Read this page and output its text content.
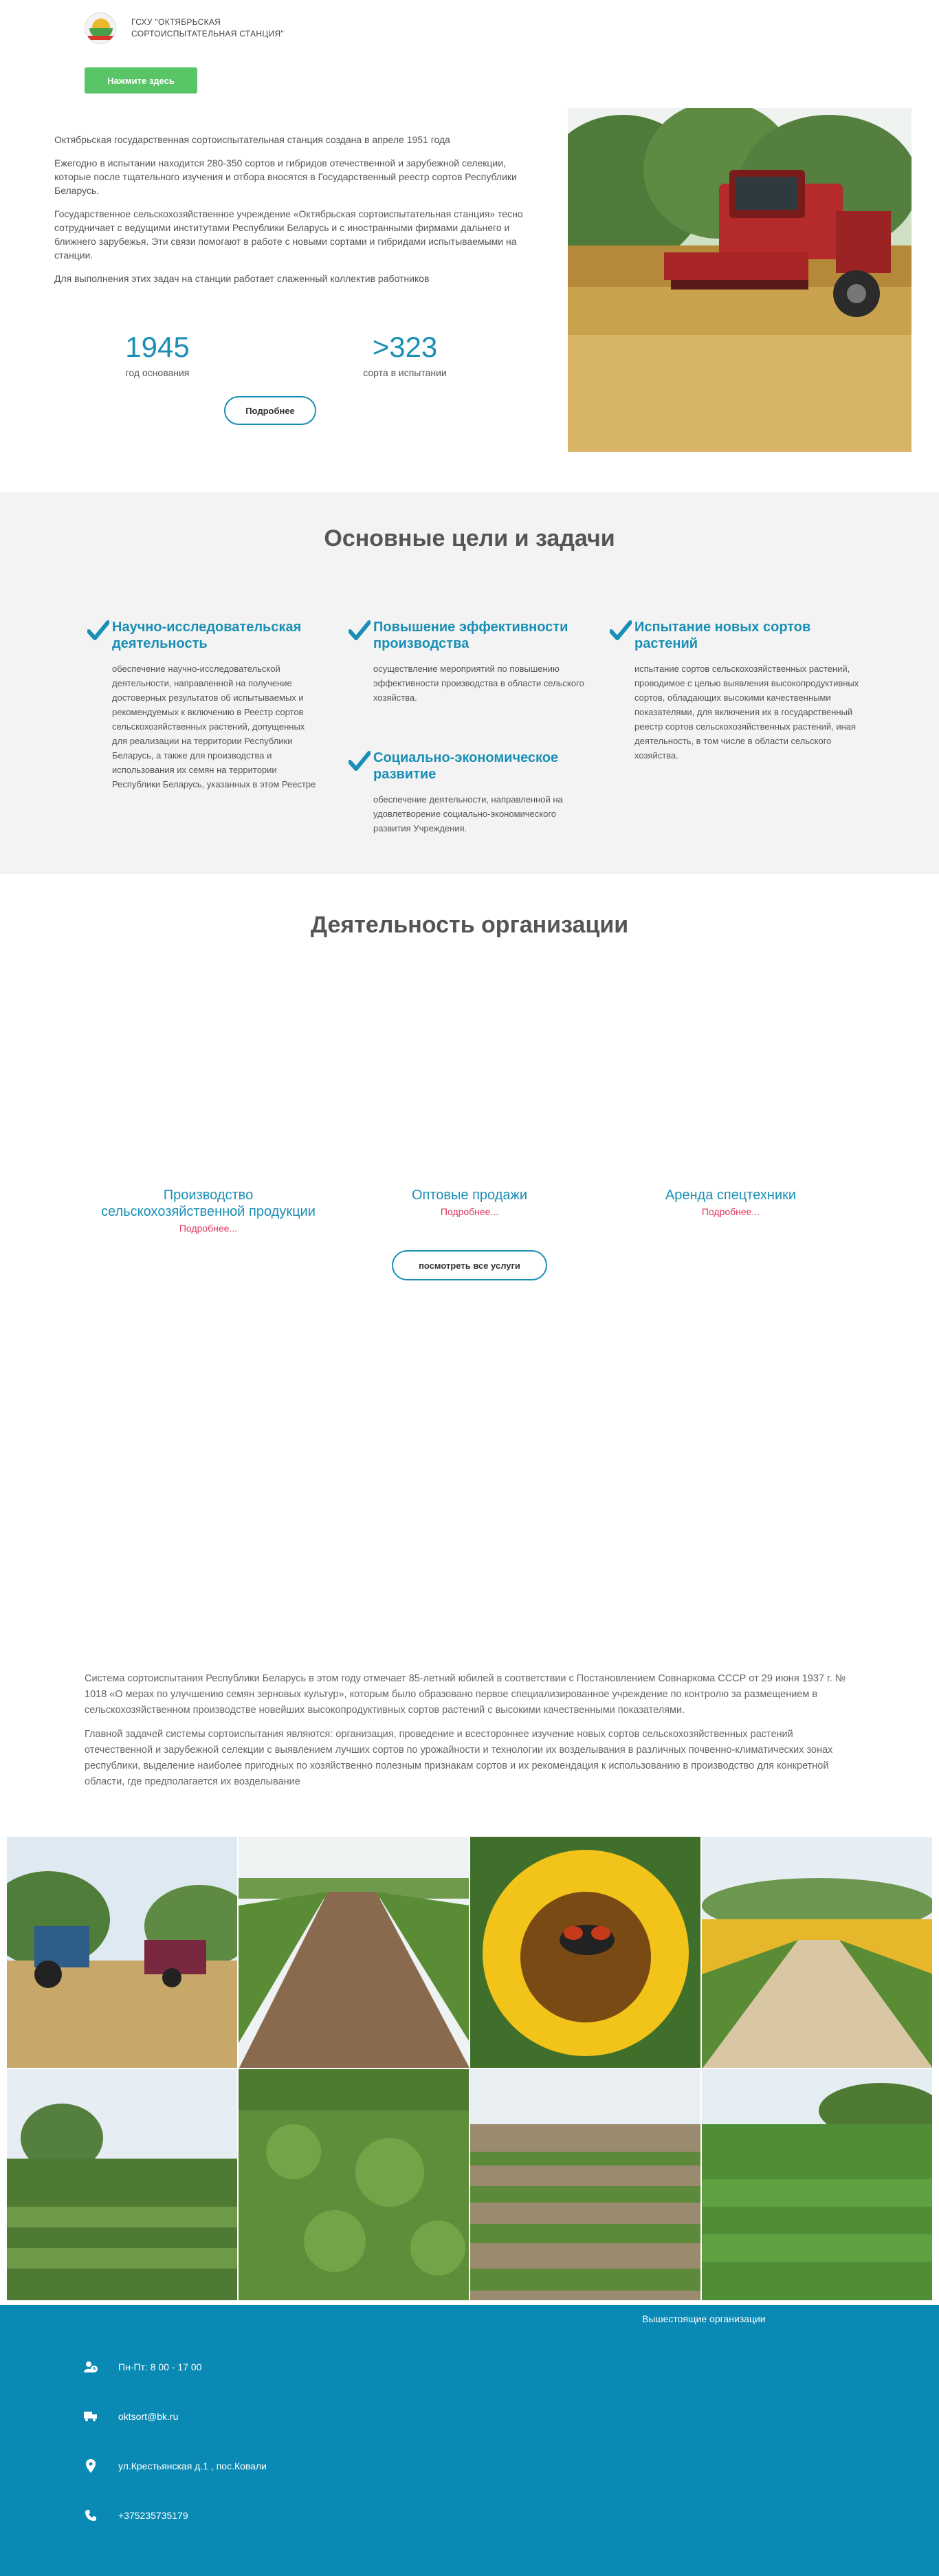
ГСХУ "ОКТЯБРЬСКАЯ
СОРТОИСПЫТАТЕЛЬНАЯ СТАНЦИЯ"
Нажмите здесь

Октябрьская государственная сортоиспытательная станция создана в апреле 1951 года

Ежегодно в испытании находится 280-350 сортов и гибридов отечественной и зарубежной селекции, которые после тщательного изучения и отбора вносятся в Государственный реестр сортов Республики Беларусь.

Государственное сельскохозяйственное учреждение «Октябрьская сортоиспытательная станция» тесно сотрудничает с ведущими институтами Республики Беларусь и с иностранными фирмами дальнего и ближнего зарубежья. Эти связи помогают в работе с новыми сортами и гибридами испытываемыми на станции.

Для выполнения этих задач на станции работает слаженный коллектив работников

1945
год основания
>323
сорта в испытании
Подробнее
Основные цели и задачи
Научно-исследовательская деятельность
обеспечение научно-исследовательской деятельности, направленной на получение достоверных результатов об испытываемых и рекомендуемых к включению в Реестр сортов сельскохозяйственных растений, допущенных для реализации на территории Республики Беларусь, а также для производства и использования их семян на территории Республики Беларусь, указанных в этом Реестре
Повышение эффективности производства
осуществление мероприятий по повышению эффективности производства в области сельского хозяйства.
Социально-экономическое развитие
обеспечение деятельности, направленной на удовлетворение социально-экономического развития Учреждения.
Испытание новых сортов растений
испытание сортов сельскохозяйственных растений, проводимое с целью выявления высокопродуктивных сортов, обладающих высокими качественными показателями, для включения их в государственный реестр сортов сельскохозяйственных растений, иная деятельность, в том числе в области сельского хозяйства.
Деятельность организации
Производство
сельскохозяйственной продукции
Подробнее...
Оптовые продажи
Подробнее...
Аренда спецтехники
Подробнее...
посмотреть все услуги

Система сортоиспытания Республики Беларусь в этом году отмечает 85-летний юбилей в соответствии с Постановлением Совнаркома СССР от 29 июня 1937 г. № 1018 «О мерах по улучшению семян зерновых культур», которым было образовано первое специализированное учреждение по контролю за размещением в сельскохозяйственном производстве новейших высокопродуктивных сортов растений с высокими качественными показателями.

Главной задачей системы сортоиспытания являются: организация, проведение и всестороннее изучение новых сортов сельскохозяйственных растений отечественной и зарубежной селекции с выявлением лучших сортов по урожайности и технологии их возделывания в различных почвенно-климатических зонах республики, выделение наиболее пригодных по хозяйственно полезным признакам сортов и их рекомендация к использованию в производство для конкретной области, где предполагается их возделывание

Вышестоящие организации
Пн-Пт: 8 00 - 17 00
oktsort@bk.ru
ул.Крестьянская д.1 , пос.Ковали
+375235735179
